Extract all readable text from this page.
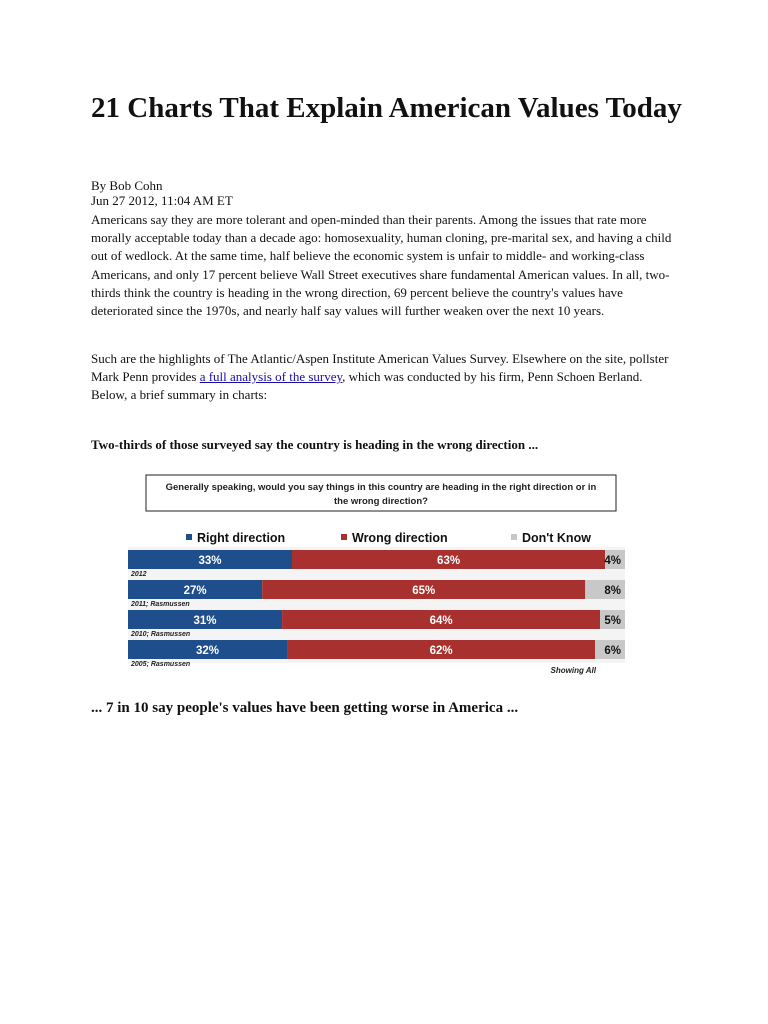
21 Charts That Explain American Values Today
By Bob Cohn
Jun 27 2012, 11:04 AM ET

Americans say they are more tolerant and open-minded than their parents. Among the issues that rate more morally acceptable today than a decade ago: homosexuality, human cloning, pre-marital sex, and having a child out of wedlock. At the same time, half believe the economic system is unfair to middle- and working-class Americans, and only 17 percent believe Wall Street executives share fundamental American values. In all, two-thirds think the country is heading in the wrong direction, 69 percent believe the country's values have deteriorated since the 1970s, and nearly half say values will further weaken over the next 10 years.

Such are the highlights of The Atlantic/Aspen Institute American Values Survey. Elsewhere on the site, pollster Mark Penn provides a full analysis of the survey, which was conducted by his firm, Penn Schoen Berland. Below, a brief summary in charts:

Two-thirds of those surveyed say the country is heading in the wrong direction ...

Generally speaking, would you say things in this country are heading in the right direction or in
the wrong direction?
Right direction	Wrong direction	Don't Know
33%	63%	4%
2012
27%	65%	8%
2011; Rasmussen
31%	64%	5%
2010; Rasmussen
32%	62%	6%
2005; Rasmussen
Showing All

... 7 in 10 say people's values have been getting worse in America ...
